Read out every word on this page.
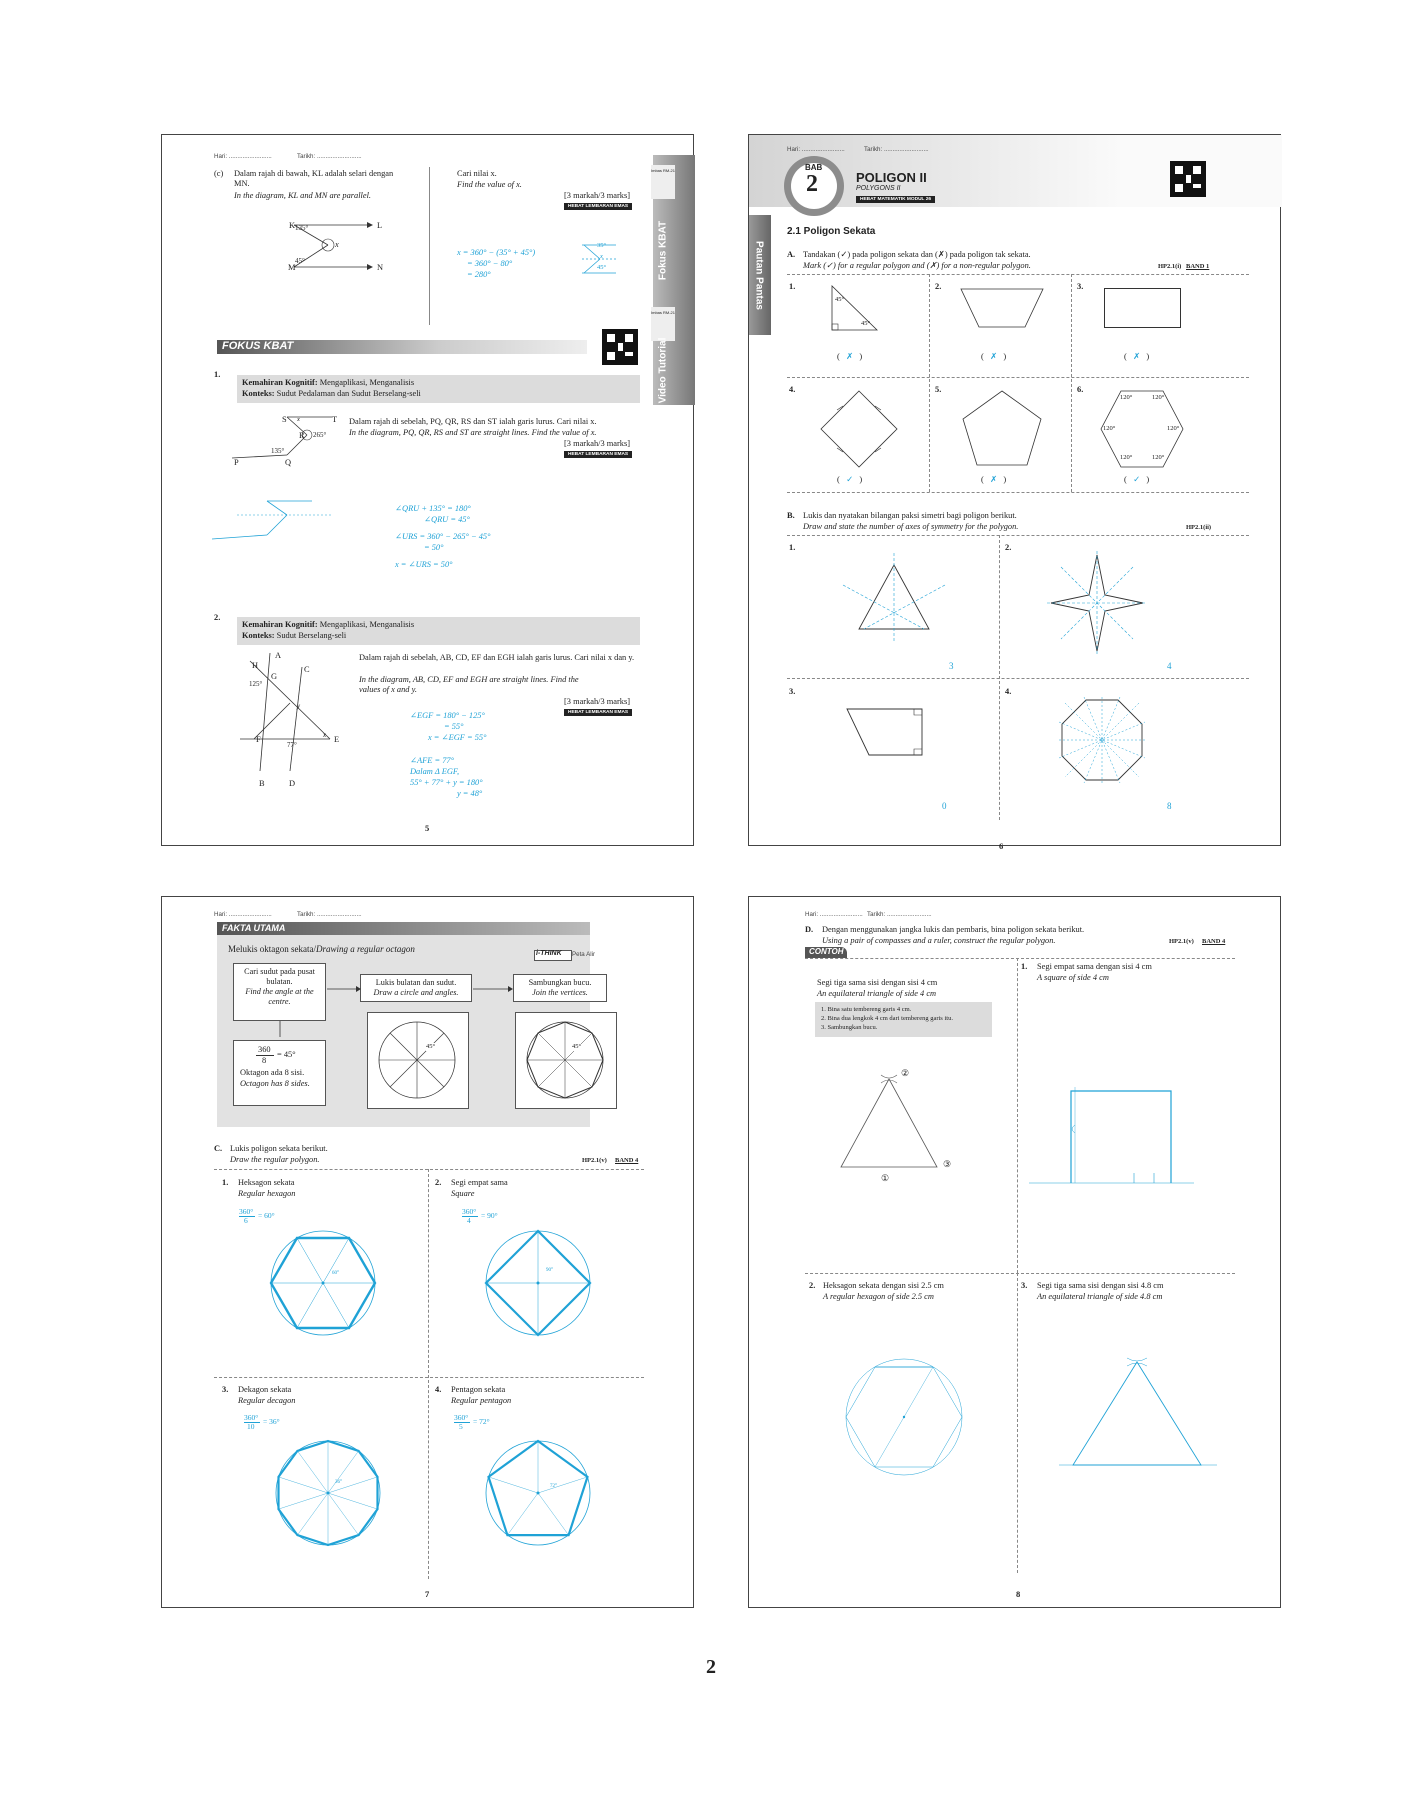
Hari: .........................	Tarikh: ..........................
(c) Dalam rajah di bawah, KL adalah selari dengan MN.
In the diagram, KL and MN are parallel.
Cari nilai x.
Find the value of x.
[3 markah/3 marks]
HEBAT LEMBARAN EMAS
K	L
135°
x
45°
M	N
x = 360° − (35° + 45°)
= 360° − 80°
= 280°
35°
x
45°
Imbas RM-21
Fokus KBAT
Imbas RM-21
Video Tutorial
FOKUS KBAT
1.
Kemahiran Kognitif: Mengaplikasi, Menganalisis
Konteks: Sudut Pedalaman dan Sudut Berselang-seli
Dalam rajah di sebelah, PQ, QR, RS dan ST ialah garis lurus. Cari nilai x.
In the diagram, PQ, QR, RS and ST are straight lines. Find the value of x.
[3 markah/3 marks]
HEBAT LEMBARAN EMAS
S	T
x
R 265°
135°
P	Q
∠QRU + 135° = 180°
∠QRU = 45°
∠URS = 360° − 265° − 45°
= 50°
x = ∠URS = 50°
2.
Kemahiran Kognitif: Mengaplikasi, Menganalisis
Konteks: Sudut Berselang-seli
Dalam rajah di sebelah, AB, CD, EF dan EGH ialah garis lurus. Cari nilai x dan y.
In the diagram, AB, CD, EF and EGH are straight lines. Find the values of x and y.
[3 markah/3 marks]
HEBAT LEMBARAN EMAS
A
C
H
G
125°
y
x E
F
77°
B	D
∠EGF = 180° − 125°
= 55°
x = ∠EGF = 55°
∠AFE = 77°
Dalam Δ EGF,
55° + 77° + y = 180°
y = 48°
5
Hari: .........................	Tarikh: ..........................
BAB
2	POLIGON II
POLYGONS II
HEBAT MATEMATIK MODUL 26
Pautan Pantas
2.1 Poligon Sekata
A. Tandakan (✓) pada poligon sekata dan (✗) pada poligon tak sekata.
Mark (✓) for a regular polygon and (✗) for a non-regular polygon.	HP2.1(i) BAND 1
1.
45°
45°
(   ✗   )
2.
(   ✗   )
3.
(   ✗   )
4.
(   ✓   )
5.
(   ✗   )
6.
120°	120°
120°	120°
120°	120°
(   ✓   )
B. Lukis dan nyatakan bilangan paksi simetri bagi poligon berikut.
Draw and state the number of axes of symmetry for the polygon.	HP2.1(ii)
1.
3
2.
4
3.
0
4.
8
6
Hari: .........................	Tarikh: ..........................
FAKTA UTAMA
Melukis oktagon sekata/Drawing a regular octagon	i-THINK Peta Alir
Cari sudut pada pusat bulatan.
Find the angle at the centre.
Lukis bulatan dan sudut.
Draw a circle and angles.
Sambungkan bucu.
Join the vertices.
360
8
= 45°
Oktagon ada 8 sisi.
Octagon has 8 sides.
45°	45°
C. Lukis poligon sekata berikut.
Draw the regular polygon.	HP2.1(v) BAND 4
1. Heksagon sekata
Regular hexagon
360°
6
= 60°
60°
2. Segi empat sama
Square
360°
4
= 90°
90°
3. Dekagon sekata
Regular decagon
360°
10
= 36°
36°
4. Pentagon sekata
Regular pentagon
360°
5
= 72°
72°
7
Hari: ......................... Tarikh: ..........................
D. Dengan menggunakan jangka lukis dan pembaris, bina poligon sekata berikut.
Using a pair of compasses and a ruler, construct the regular polygon.	HP2.1(v) BAND 4
CONTOH
Segi tiga sama sisi dengan sisi 4 cm
An equilateral triangle of side 4 cm
1. Bina satu tembereng garis 4 cm.
2. Bina dua lengkok 4 cm dari tembereng garis itu.
3. Sambungkan bucu.
②
③
①
1. Segi empat sama dengan sisi 4 cm
A square of side 4 cm
2. Heksagon sekata dengan sisi 2.5 cm
A regular hexagon of side 2.5 cm
3. Segi tiga sama sisi dengan sisi 4.8 cm
An equilateral triangle of side 4.8 cm
8
2
